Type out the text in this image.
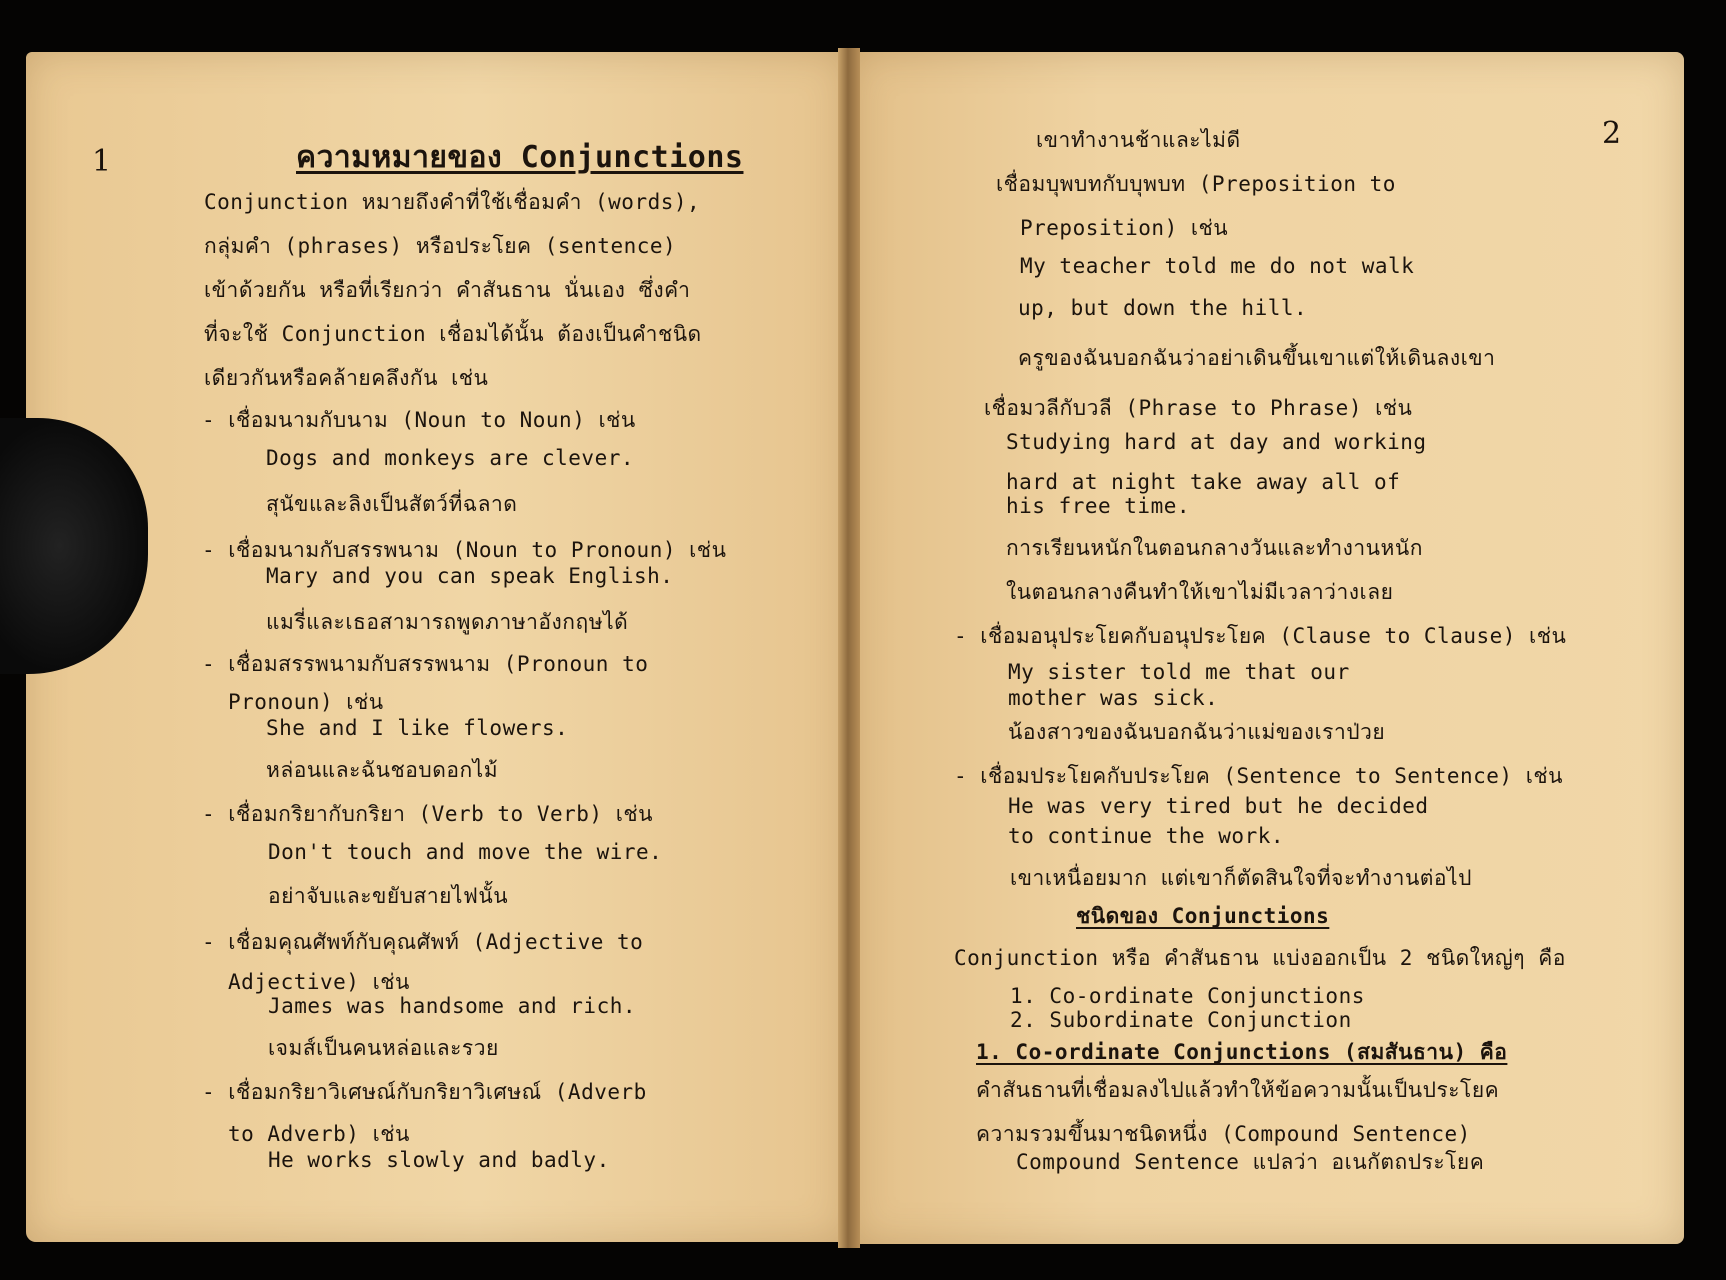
1	ความหมายของ Conjunctions
Conjunction หมายถึงคำที่ใช้เชื่อมคำ (words),
กลุ่มคำ (phrases) หรือประโยค (sentence)
เข้าด้วยกัน หรือที่เรียกว่า คำสันธาน นั่นเอง ซึ่งคำ
ที่จะใช้ Conjunction เชื่อมได้นั้น ต้องเป็นคำชนิด
เดียวกันหรือคล้ายคลึงกัน เช่น
- เชื่อมนามกับนาม (Noun to Noun) เช่น
Dogs and monkeys are clever.
สุนัขและลิงเป็นสัตว์ที่ฉลาด
- เชื่อมนามกับสรรพนาม (Noun to Pronoun) เช่น
Mary and you can speak English.
แมรี่และเธอสามารถพูดภาษาอังกฤษได้
- เชื่อมสรรพนามกับสรรพนาม (Pronoun to
Pronoun) เช่น
She and I like flowers.
หล่อนและฉันชอบดอกไม้
- เชื่อมกริยากับกริยา (Verb to Verb) เช่น
Don't touch and move the wire.
อย่าจับและขยับสายไฟนั้น
- เชื่อมคุณศัพท์กับคุณศัพท์ (Adjective to
Adjective) เช่น
James was handsome and rich.
เจมส์เป็นคนหล่อและรวย
- เชื่อมกริยาวิเศษณ์กับกริยาวิเศษณ์ (Adverb
to Adverb) เช่น
He works slowly and badly.
2
เขาทำงานช้าและไม่ดี
เชื่อมบุพบทกับบุพบท (Preposition to
Preposition) เช่น
My teacher told me do not walk
up, but down the hill.
ครูของฉันบอกฉันว่าอย่าเดินขึ้นเขาแต่ให้เดินลงเขา
เชื่อมวลีกับวลี (Phrase to Phrase) เช่น
Studying hard at day and working
hard at night take away all of
his free time.
การเรียนหนักในตอนกลางวันและทำงานหนัก
ในตอนกลางคืนทำให้เขาไม่มีเวลาว่างเลย
- เชื่อมอนุประโยคกับอนุประโยค (Clause to Clause) เช่น
My sister told me that our
mother was sick.
น้องสาวของฉันบอกฉันว่าแม่ของเราป่วย
- เชื่อมประโยคกับประโยค (Sentence to Sentence) เช่น
He was very tired but he decided
to continue the work.
เขาเหนื่อยมาก แต่เขาก็ตัดสินใจที่จะทำงานต่อไป
ชนิดของ Conjunctions
Conjunction หรือ คำสันธาน แบ่งออกเป็น 2 ชนิดใหญ่ๆ คือ
1. Co-ordinate Conjunctions
2. Subordinate Conjunction
1. Co-ordinate Conjunctions (สมสันธาน) คือ
คำสันธานที่เชื่อมลงไปแล้วทำให้ข้อความนั้นเป็นประโยค
ความรวมขึ้นมาชนิดหนึ่ง (Compound Sentence)
Compound Sentence แปลว่า อเนกัตถประโยค
